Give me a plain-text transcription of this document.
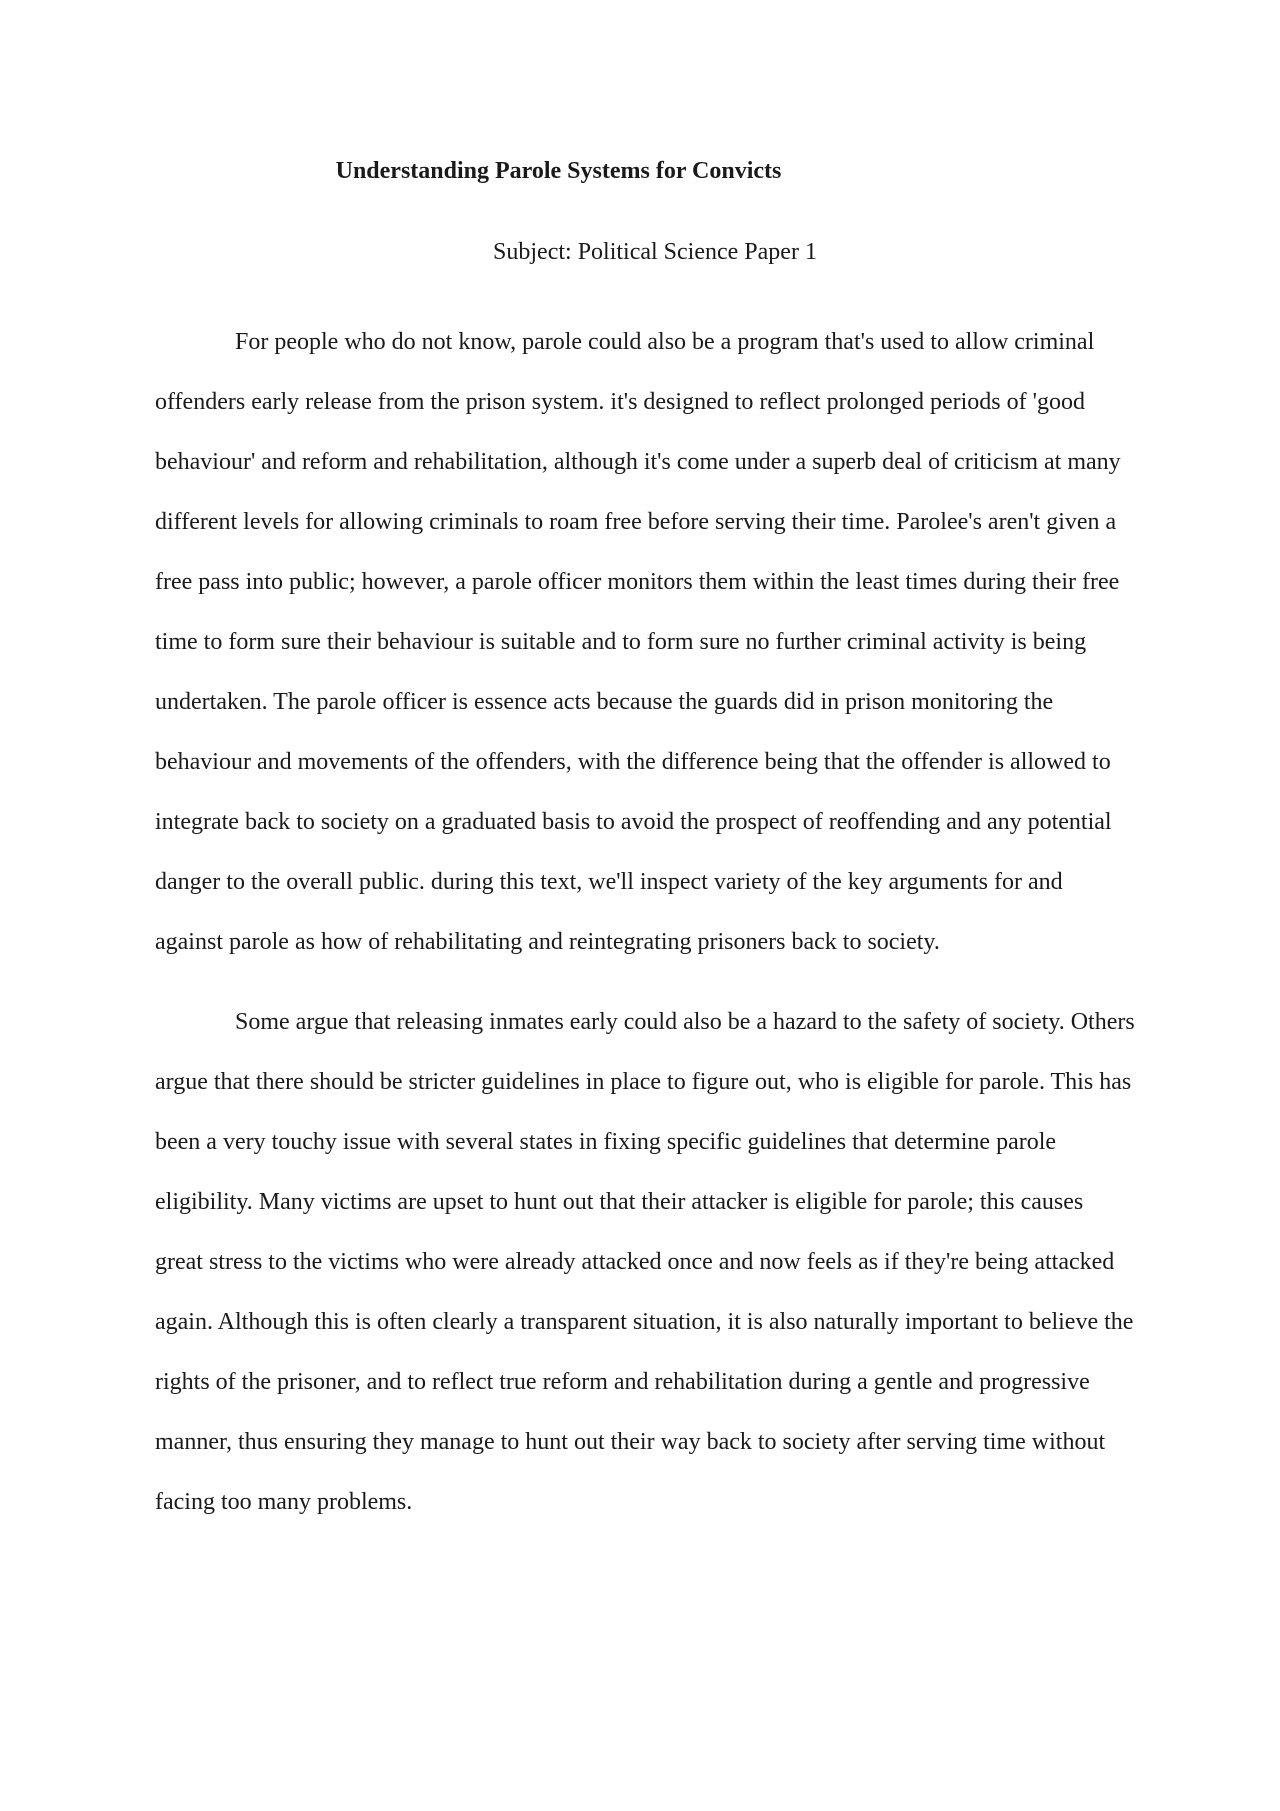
Understanding Parole Systems for Convicts

Subject: Political Science Paper 1

For people who do not know, parole could also be a program that's used to allow criminal offenders early release from the prison system. it's designed to reflect prolonged periods of 'good behaviour' and reform and rehabilitation, although it's come under a superb deal of criticism at many different levels for allowing criminals to roam free before serving their time. Parolee's aren't given a free pass into public; however, a parole officer monitors them within the least times during their free time to form sure their behaviour is suitable and to form sure no further criminal activity is being undertaken. The parole officer is essence acts because the guards did in prison monitoring the behaviour and movements of the offenders, with the difference being that the offender is allowed to integrate back to society on a graduated basis to avoid the prospect of reoffending and any potential danger to the overall public. during this text, we'll inspect variety of the key arguments for and against parole as how of rehabilitating and reintegrating prisoners back to society.

Some argue that releasing inmates early could also be a hazard to the safety of society. Others argue that there should be stricter guidelines in place to figure out, who is eligible for parole. This has been a very touchy issue with several states in fixing specific guidelines that determine parole eligibility. Many victims are upset to hunt out that their attacker is eligible for parole; this causes great stress to the victims who were already attacked once and now feels as if they're being attacked again. Although this is often clearly a transparent situation, it is also naturally important to believe the rights of the prisoner, and to reflect true reform and rehabilitation during a gentle and progressive manner, thus ensuring they manage to hunt out their way back to society after serving time without facing too many problems.
